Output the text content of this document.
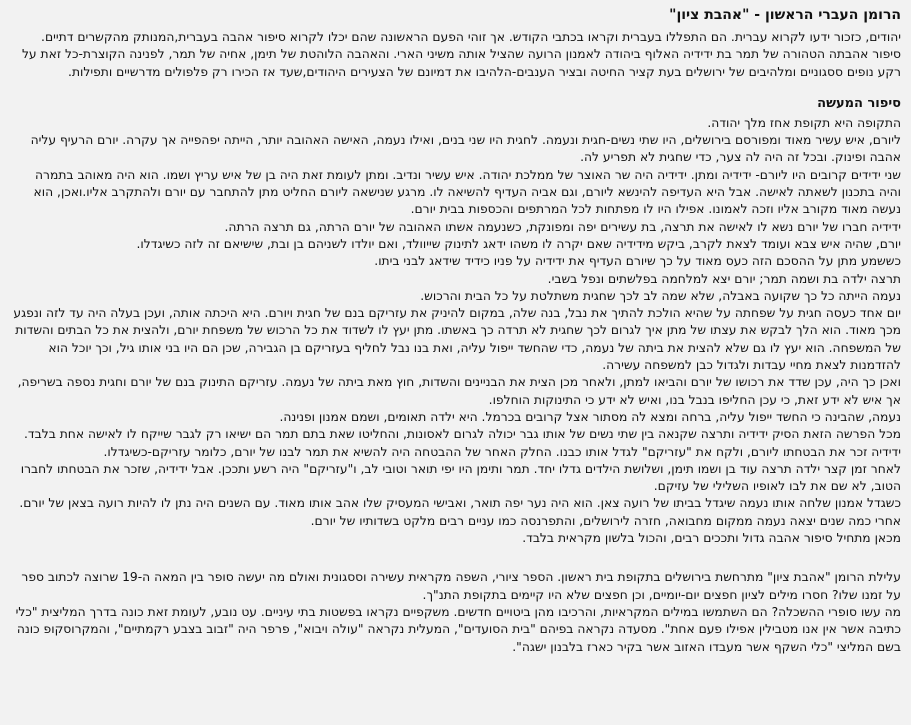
הרומן העברי הראשון - "אהבת ציון"

יהודים, כזכור ידעו לקרוא עברית. הם התפללו בעברית וקראו בכתבי הקודש. אך זוהי הפעם הראשונה שהם יכלו לקרוא סיפור אהבה בעברית,המנותק מהקשרים דתיים.

סיפור אהבתה הטהורה של תמר בת ידידיה האלוף ביהודה לאמנון הרועה שהציל אותה משיני הארי. והאהבה הלוהטת של תימן, אחיה של תמר, לפנינה הקוצרת-כל זאת על רקע נופים ססגוניים ומלהיבים של ירושלים בעת קציר החיטה ובציר הענבים-הלהיבו את דמיונם של הצעירים היהודים,שעד אז הכירו רק פלפולים מדרשיים ותפילות.

סיפור המעשה

התקופה היא תקופת אחז מלך יהודה.

ליורם, איש עשיר מאוד ומפורסם בירושלים, היו שתי נשים-חגית ונעמה. לחגית היו שני בנים, ואילו נעמה, האישה האהובה יותר, הייתה יפהפייה אך עקרה. יורם הרעיף עליה אהבה ופינוק. ובכל זה היה לה צער, כדי שחגית לא תפריע לה.

שני ידידים קרובים היו ליורם- ידידיה ומתן. ידידיה היה שר האוצר של ממלכת יהודה. איש עשיר ונדיב. ומתן לעומת זאת היה בן של איש עריץ ושמו. הוא היה מאוהב בתמרה והיה בתכנון לשאתה לאישה. אבל היא העדיפה להינשא ליורם, וגם אביה העדיף להשיאה לו. מרגע שנישאה ליורם החליט מתן להתחבר עם יורם ולהתקרב אליו.ואכן, הוא נעשה מאוד מקורב אליו וזכה לאמונו. אפילו היו לו מפתחות לכל המרתפים והכספות בבית יורם.

ידידיה חברו של יורם נשא לו לאישה את תרצה, בת עשירים יפה ומפונקת, כשנעמה אשתו האהובה של יורם הרתה, גם תרצה הרתה.

יורם, שהיה איש צבא ועומד לצאת לקרב, ביקש מידידיה שאם יקרה לו משהו ידאג לתינוק שייוולד, ואם יולדו לשניהם בן ובת, שישיאם זה לזה כשיגדלו.

כששמע מתן על ההסכם הזה כעס מאוד על כך שיורם העדיף את ידידיה על פניו כידיד שידאג לבני ביתו.

תרצה ילדה בת ושמה תמר; יורם יצא למלחמה בפלשתים ונפל בשבי.

נעמה הייתה כל כך שקועה באבלה, שלא שמה לב לכך שחגית משתלטת על כל הבית והרכוש.

יום אחד כעסה חגית על שפחתה על שהיא הולכת להתיך את נבל, בנה שלה, במקום להיניק את עזריקם בנם של חגית ויורם. היא היכתה אותה, ועכן בעלה היה עד לזה ונפגע מכך מאוד. הוא הלך לבקש את עצתו של מתן איך לגרום לכך שחגית לא תרדה כך באשתו. מתן יעץ לו לשדוד את כל הרכוש של משפחת יורם, ולהצית את כל הבתים והשדות של המשפחה. הוא יעץ לו גם שלא להצית את ביתה של נעמה, כדי שהחשד ייפול עליה, ואת בנו נבל לחליף בעזריקם בן הגבירה, שכן הם היו בני אותו גיל, וכך יוכל הוא להזדמנות לצאת מחיי עבדות ולגדול כבן למשפחה עשירה.

ואכן כך היה, עכן שדד את רכושו של יורם והביאו למתן, ולאחר מכן הצית את הבניינים והשדות, חוץ מאת ביתה של נעמה. עזריקם התינוק בנם של יורם וחגית נספה בשריפה, אך איש לא ידע זאת, כי עכן החליפו בנבל בנו, ואיש לא ידע כי התינוקות הוחלפו.

נעמה, שהבינה כי החשד ייפול עליה, ברחה ומצא לה מסתור אצל קרובים בכרמל. היא ילדה תאומים, ושמם אמנון ופנינה.

מכל הפרשה הזאת הסיק ידידיה ותרצה שקנאה בין שתי נשים של אותו גבר יכולה לגרום לאסונות, והחליטו שאת בתם תמר הם ישיאו רק לגבר שייקח לו לאישה אחת בלבד.

ידידיה זכר את הבטחתו ליורם, ולקח את "עזריקם" לגדל אותו כבנו. החלק האחר של ההבטחה היה להשיא את תמר לבנו של יורם, כלומר עזריקם-כשיגדלו.

לאחר זמן קצר ילדה תרצה עוד בן ושמו תימן, ושלושת הילדים גדלו יחד. תמר ותימן היו יפי תואר וטובי לב, ו"עזריקם" היה רשע ותככן. אבל ידידיה, שזכר את הבטחתו לחברו הטוב, לא שם את לבו לאופיו השלילי של עזיקם.

כשגדל אמנון שלחה אותו נעמה שיגדל בביתו של רועה צאן. הוא היה נער יפה תואר, ואבישי המעסיק שלו אהב אותו מאוד. עם השנים היה נתן לו להיות רועה בצאן של יורם.

אחרי כמה שנים יצאה נעמה ממקום מחבואה, חזרה לירושלים, והתפרנסה כמו עניים רבים מלקט בשדותיו של יורם.

מכאן מתחיל סיפור אהבה גדול ותככים רבים, והכול בלשון מקראית בלבד.

עלילת הרומן "אהבת ציון" מתרחשת בירושלים בתקופת בית ראשון. הספר ציורי, השפה מקראית עשירה וססגונית ואולם מה יעשה סופר בין המאה ה-19 שרוצה לכתוב ספר על זמנו שלו? חסרו מילים לציון חפצים יום-יומיים, וכן חפצים שלא היו קיימים בתקופת התנ"ך.

מה עשו סופרי ההשכלה? הם השתמשו במילים המקראיות, והרכיבו מהן ביטויים חדשים. משקפיים נקראו בפשטות בתי עיניים. עט נובע, לעומת זאת כונה בדרך המליצית "כלי כתיבה אשר אין אנו מטבילין אפילו פעם אחת". מסעדה נקראה בפיהם "בית הסועדים", המעלית נקראה "עולה ויבוא", פרפר היה "זבוב בצבע רקמתיים", והמקרוסקופ כונה בשם המליצי "כלי השקף אשר מעבדו האזוב אשר בקיר כארז בלבנון ישגה".
